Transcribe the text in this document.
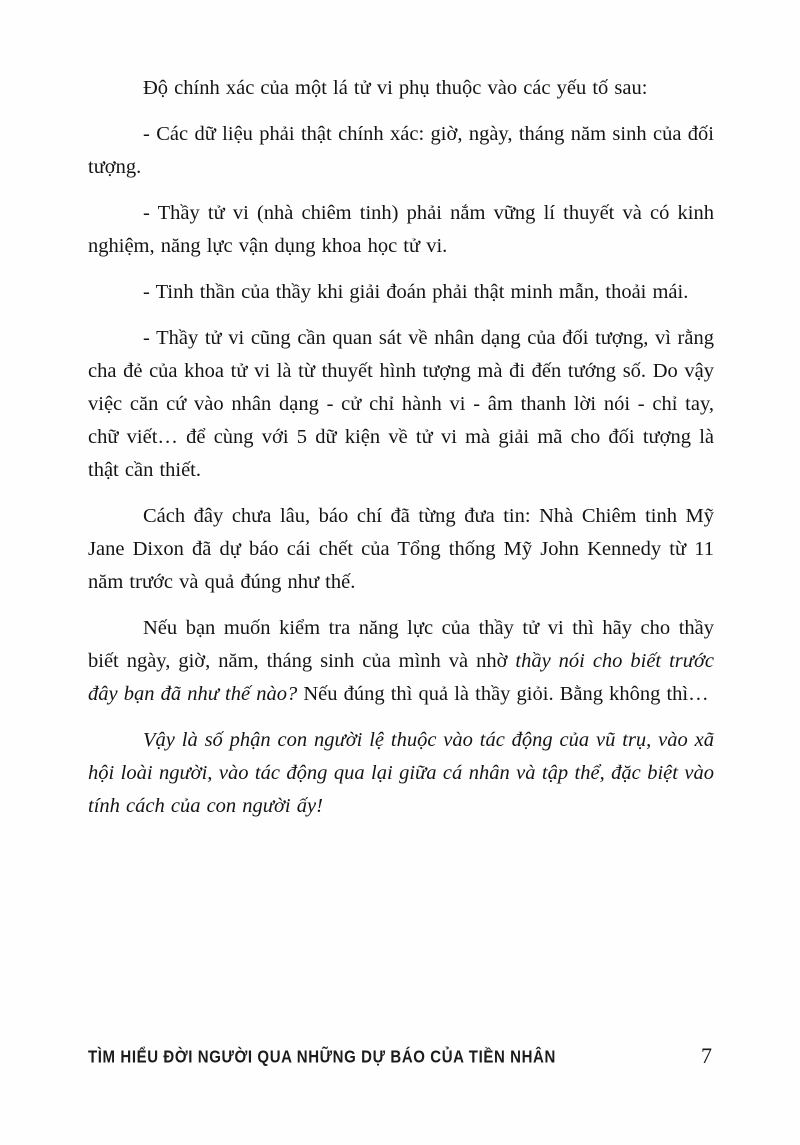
Độ chính xác của một lá tử vi phụ thuộc vào các yếu tố sau:

- Các dữ liệu phải thật chính xác: giờ, ngày, tháng năm sinh của đối tượng.

- Thầy tử vi (nhà chiêm tinh) phải nắm vững lí thuyết và có kinh nghiệm, năng lực vận dụng khoa học tử vi.

- Tinh thần của thầy khi giải đoán phải thật minh mẫn, thoải mái.

- Thầy tử vi cũng cần quan sát về nhân dạng của đối tượng, vì rằng cha đẻ của khoa tử vi là từ thuyết hình tượng mà đi đến tướng số. Do vậy việc căn cứ vào nhân dạng - cử chỉ hành vi - âm thanh lời nói - chỉ tay, chữ viết… để cùng với 5 dữ kiện về tử vi mà giải mã cho đối tượng là thật cần thiết.

Cách đây chưa lâu, báo chí đã từng đưa tin: Nhà Chiêm tinh Mỹ Jane Dixon đã dự báo cái chết của Tổng thống Mỹ John Kennedy từ 11 năm trước và quả đúng như thế.

Nếu bạn muốn kiểm tra năng lực của thầy tử vi thì hãy cho thầy biết ngày, giờ, năm, tháng sinh của mình và nhờ thầy nói cho biết trước đây bạn đã như thế nào? Nếu đúng thì quả là thầy giỏi. Bằng không thì…

Vậy là số phận con người lệ thuộc vào tác động của vũ trụ, vào xã hội loài người, vào tác động qua lại giữa cá nhân và tập thể, đặc biệt vào tính cách của con người ấy!

TÌM HIỂU ĐỜI NGƯỜI QUA NHỮNG DỰ BÁO CỦA TIỀN NHÂN	7
